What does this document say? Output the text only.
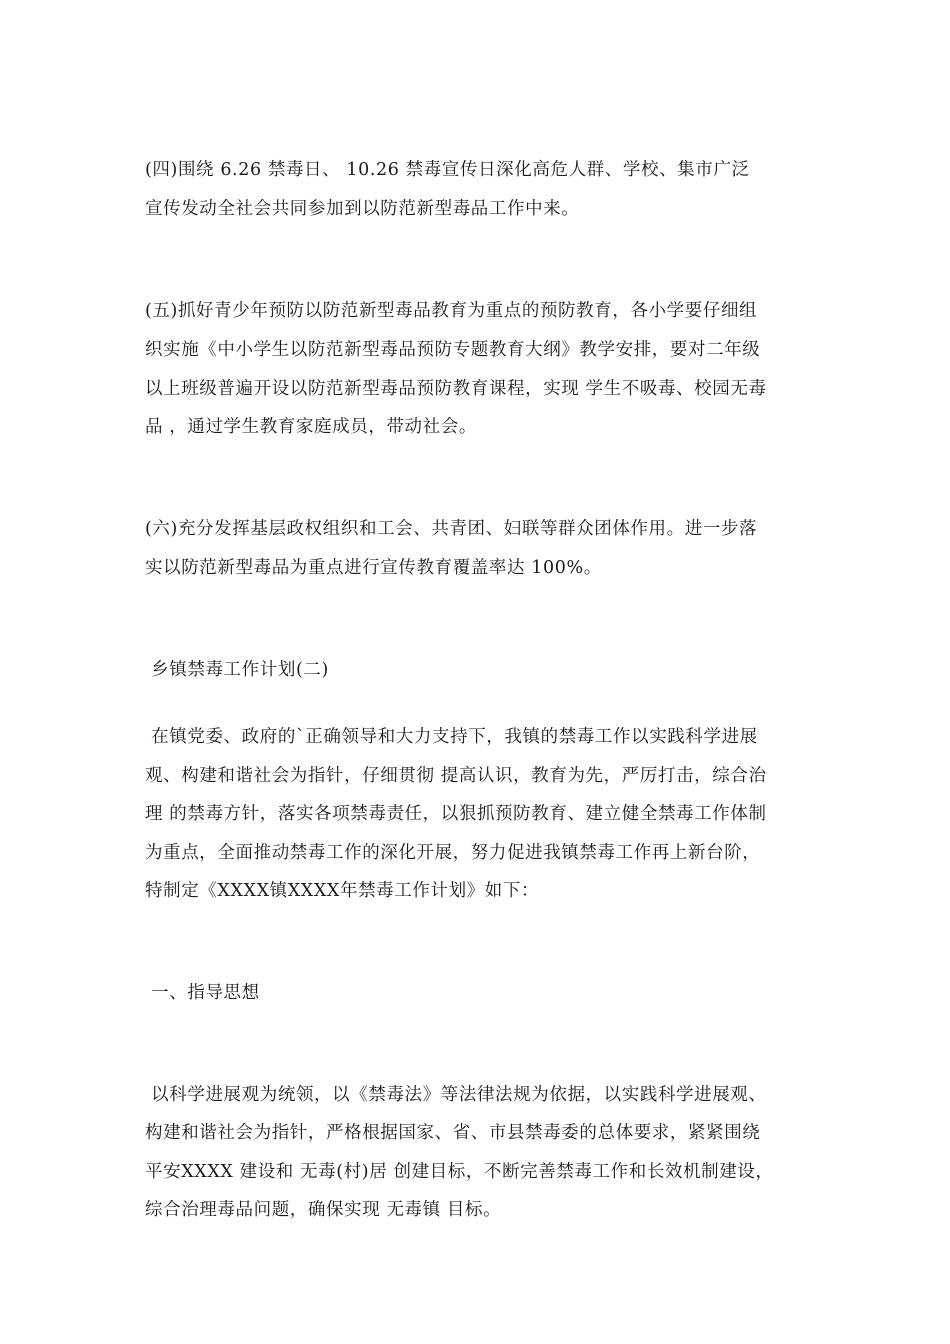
(四)围绕 6.26 禁毒日、 10.26 禁毒宣传日深化高危人群、学校、集市广泛
宣传发动全社会共同参加到以防范新型毒品工作中来。
(五)抓好青少年预防以防范新型毒品教育为重点的预防教育，各小学要仔细组
织实施《中小学生以防范新型毒品预防专题教育大纲》教学安排，要对二年级
以上班级普遍开设以防范新型毒品预防教育课程，实现 学生不吸毒、校园无毒
品 ，通过学生教育家庭成员，带动社会。
(六)充分发挥基层政权组织和工会、共青团、妇联等群众团体作用。进一步落
实以防范新型毒品为重点进行宣传教育覆盖率达 100%。
乡镇禁毒工作计划(二)
在镇党委、政府的`正确领导和大力支持下，我镇的禁毒工作以实践科学进展
观、构建和谐社会为指针，仔细贯彻 提高认识，教育为先，严厉打击，综合治
理 的禁毒方针，落实各项禁毒责任，以狠抓预防教育、建立健全禁毒工作体制
为重点，全面推动禁毒工作的深化开展，努力促进我镇禁毒工作再上新台阶，
特制定《XXXX镇XXXX年禁毒工作计划》如下：
一、指导思想
以科学进展观为统领，以《禁毒法》等法律法规为依据，以实践科学进展观、
构建和谐社会为指针，严格根据国家、省、市县禁毒委的总体要求，紧紧围绕
平安XXXX 建设和 无毒(村)居 创建目标，不断完善禁毒工作和长效机制建设，
综合治理毒品问题，确保实现 无毒镇 目标。
